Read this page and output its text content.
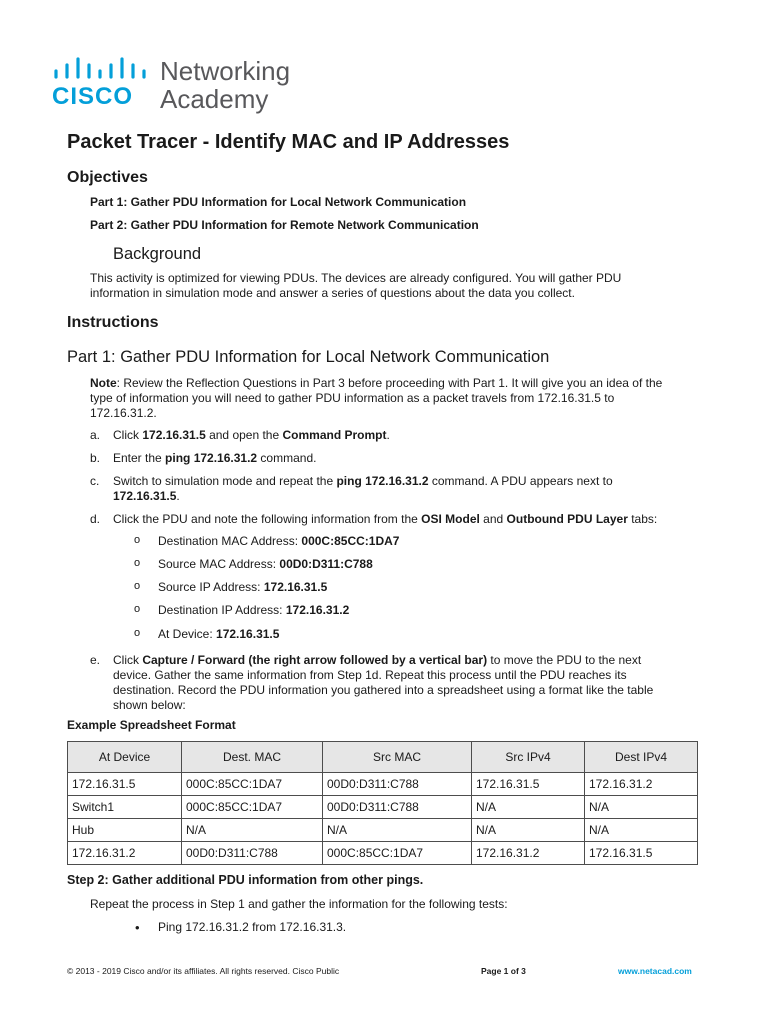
CISCO
Networking
Academy
Packet Tracer - Identify MAC and IP Addresses
Objectives
Part 1: Gather PDU Information for Local Network Communication
Part 2: Gather PDU Information for Remote Network Communication
Background
This activity is optimized for viewing PDUs. The devices are already configured. You will gather PDU
information in simulation mode and answer a series of questions about the data you collect.
Instructions
Part 1: Gather PDU Information for Local Network Communication
Note: Review the Reflection Questions in Part 3 before proceeding with Part 1. It will give you an idea of the
type of information you will need to gather PDU information as a packet travels from 172.16.31.5 to
172.16.31.2.
a. Click 172.16.31.5 and open the Command Prompt.
b. Enter the ping 172.16.31.2 command.
c. Switch to simulation mode and repeat the ping 172.16.31.2 command. A PDU appears next to
172.16.31.5.
d. Click the PDU and note the following information from the OSI Model and Outbound PDU Layer tabs:
o Destination MAC Address: 000C:85CC:1DA7
o Source MAC Address: 00D0:D311:C788
o Source IP Address: 172.16.31.5
o Destination IP Address: 172.16.31.2
o At Device: 172.16.31.5
e. Click Capture / Forward (the right arrow followed by a vertical bar) to move the PDU to the next
device. Gather the same information from Step 1d. Repeat this process until the PDU reaches its
destination. Record the PDU information you gathered into a spreadsheet using a format like the table
shown below:
Example Spreadsheet Format
At Device	Dest. MAC	Src MAC	Src IPv4	Dest IPv4
172.16.31.5	000C:85CC:1DA7	00D0:D311:C788	172.16.31.5	172.16.31.2
Switch1	000C:85CC:1DA7	00D0:D311:C788	N/A	N/A
Hub	N/A	N/A	N/A	N/A
172.16.31.2	00D0:D311:C788	000C:85CC:1DA7	172.16.31.2	172.16.31.5
Step 2: Gather additional PDU information from other pings.
Repeat the process in Step 1 and gather the information for the following tests:
• Ping 172.16.31.2 from 172.16.31.3.
© 2013 - 2019 Cisco and/or its affiliates. All rights reserved. Cisco Public	Page 1 of 3	www.netacad.com
